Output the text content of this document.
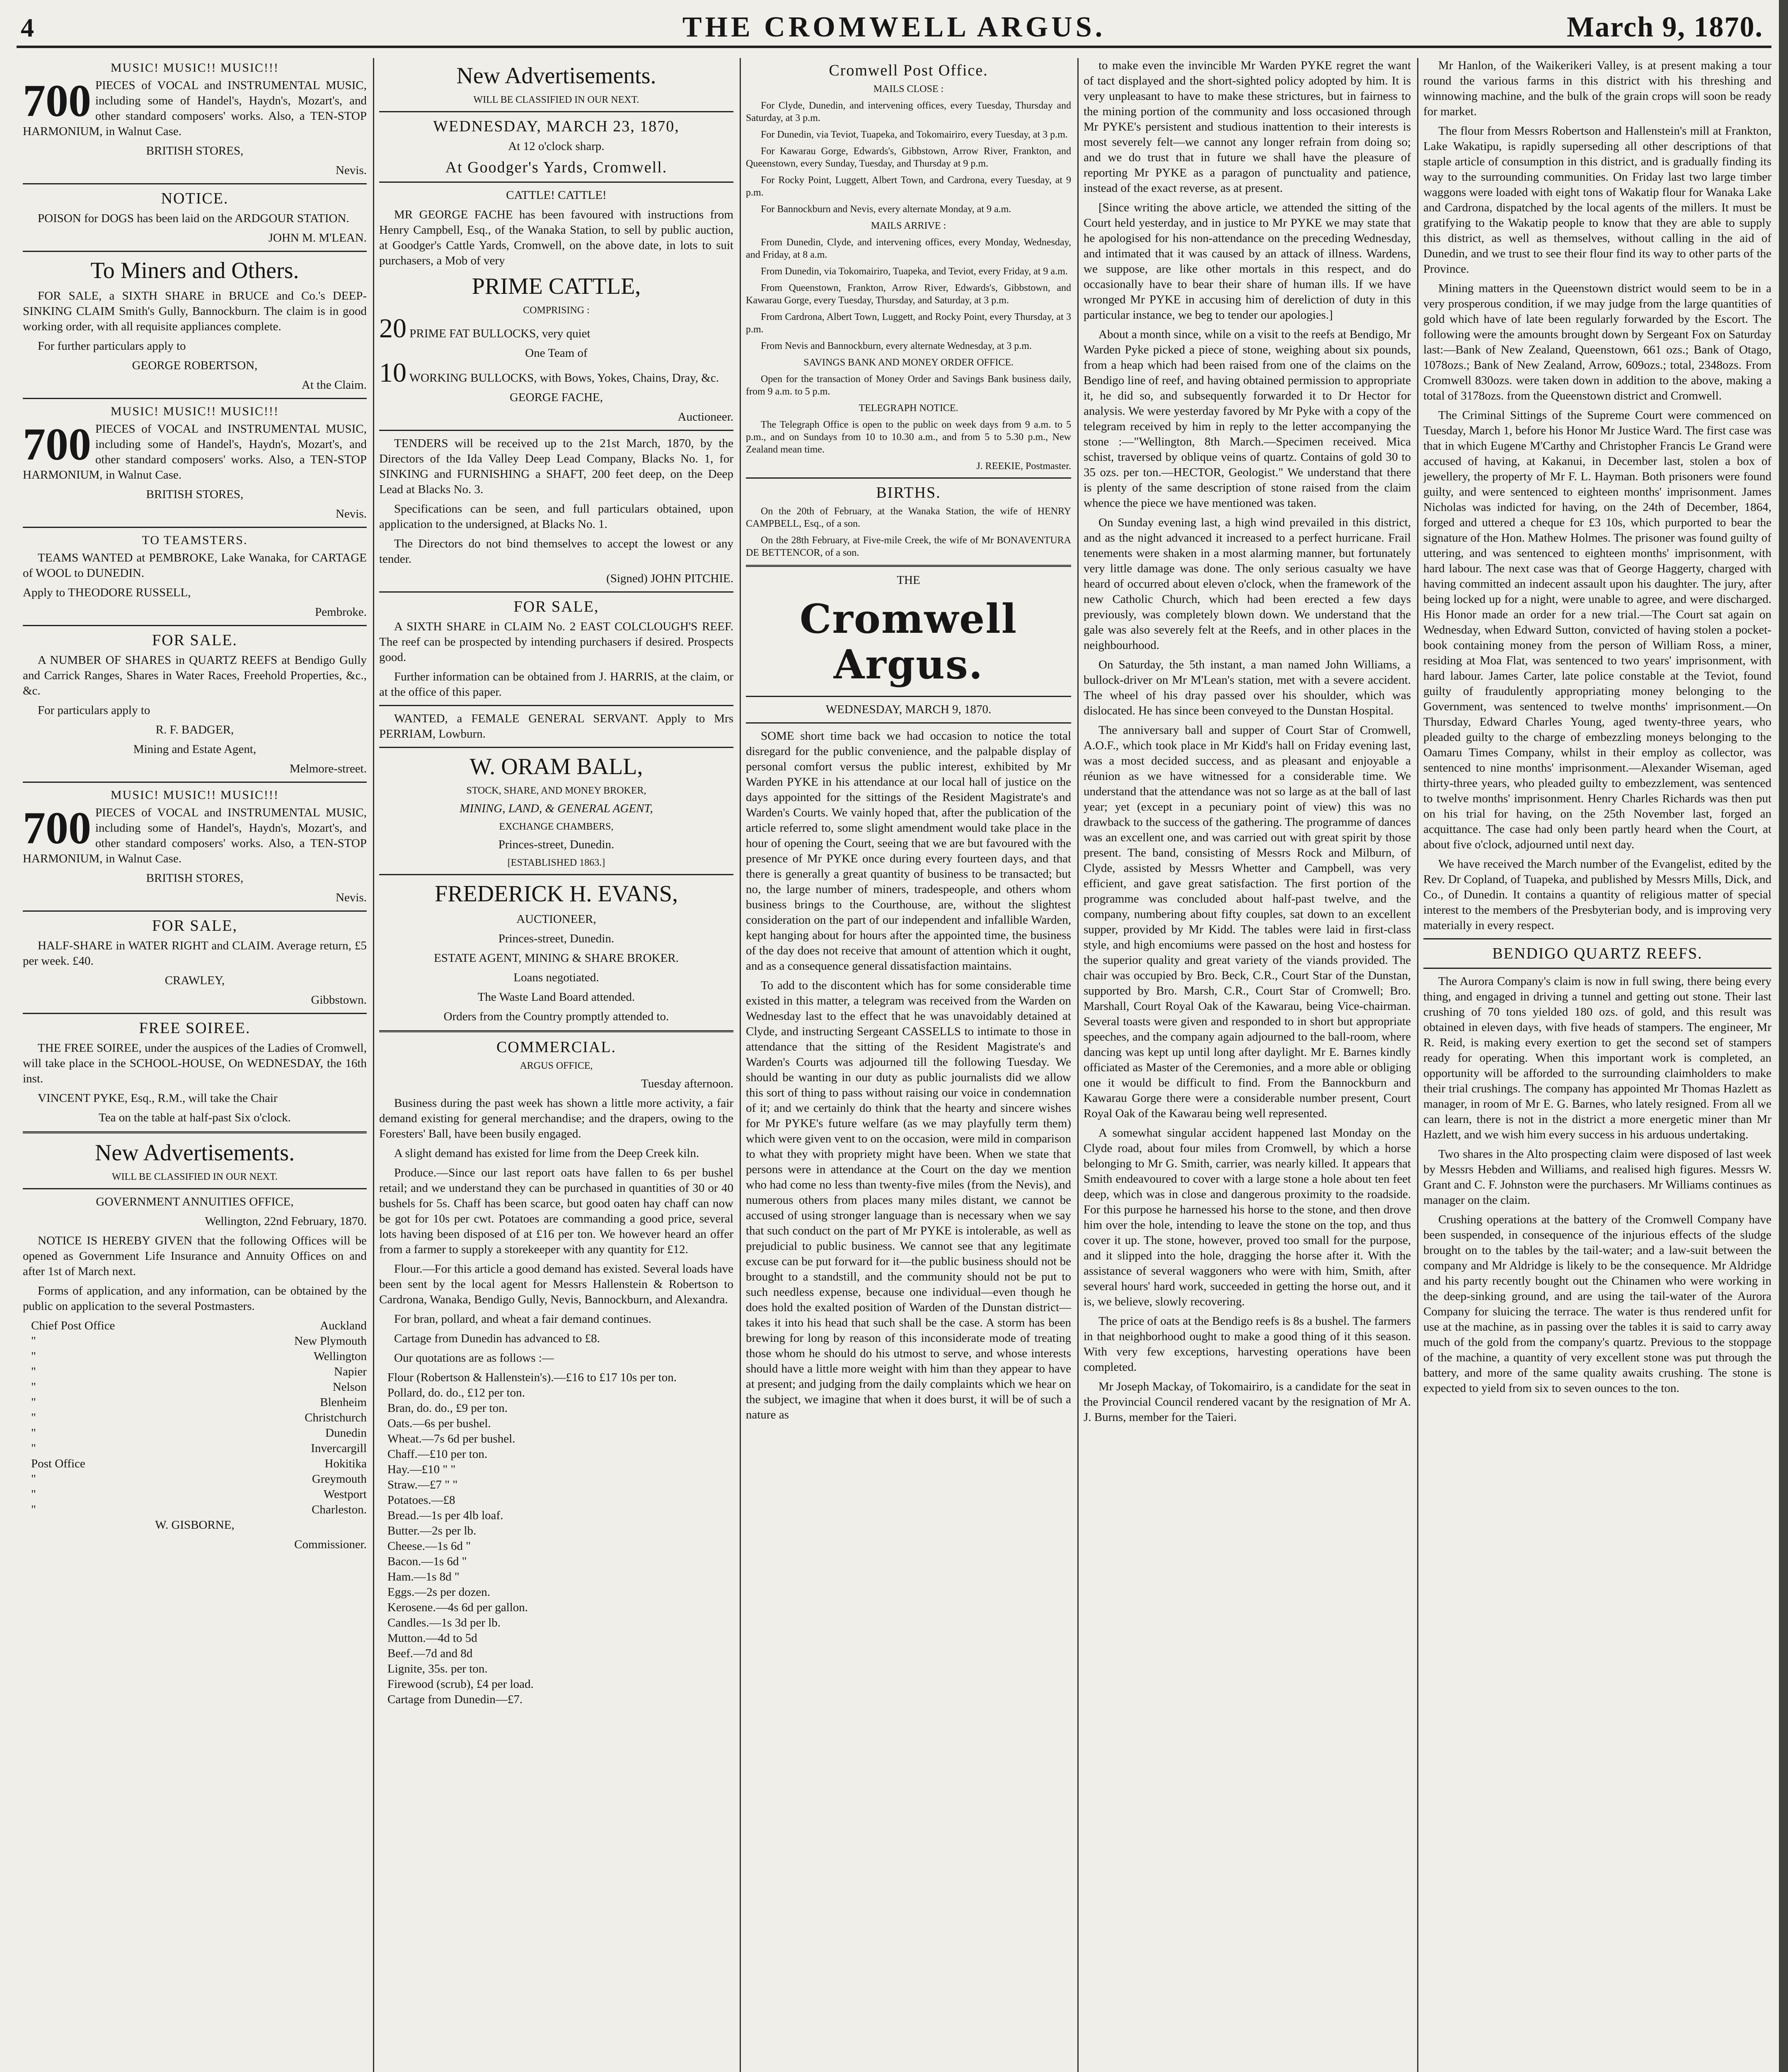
4	THE CROMWELL ARGUS.	March 9, 1870.
MUSIC! MUSIC!! MUSIC!!!

700 PIECES of VOCAL and INSTRUMENTAL MUSIC, including some of Handel's, Haydn's, Mozart's, and other standard composers' works. Also, a TEN-STOP HARMONIUM, in Walnut Case.

BRITISH STORES,

Nevis.

NOTICE.

POISON for DOGS has been laid on the ARDGOUR STATION.

JOHN M. M'LEAN.

To Miners and Others.

FOR SALE, a SIXTH SHARE in BRUCE and Co.'s DEEP-SINKING CLAIM Smith's Gully, Bannockburn. The claim is in good working order, with all requisite appliances complete.

For further particulars apply to

GEORGE ROBERTSON,

At the Claim.

MUSIC! MUSIC!! MUSIC!!!

700 PIECES of VOCAL and INSTRUMENTAL MUSIC, including some of Handel's, Haydn's, Mozart's, and other standard composers' works. Also, a TEN-STOP HARMONIUM, in Walnut Case.

BRITISH STORES,

Nevis.

TO TEAMSTERS.

TEAMS WANTED at PEMBROKE, Lake Wanaka, for CARTAGE of WOOL to DUNEDIN.

Apply to THEODORE RUSSELL,

Pembroke.

FOR SALE.

A NUMBER OF SHARES in QUARTZ REEFS at Bendigo Gully and Carrick Ranges, Shares in Water Races, Freehold Properties, &c., &c.

For particulars apply to

R. F. BADGER,

Mining and Estate Agent,

Melmore-street.

MUSIC! MUSIC!! MUSIC!!!

700 PIECES of VOCAL and INSTRUMENTAL MUSIC, including some of Handel's, Haydn's, Mozart's, and other standard composers' works. Also, a TEN-STOP HARMONIUM, in Walnut Case.

BRITISH STORES,

Nevis.

FOR SALE,

HALF-SHARE in WATER RIGHT and CLAIM. Average return, £5 per week. £40.

CRAWLEY,

Gibbstown.

FREE SOIREE.

THE FREE SOIREE, under the auspices of the Ladies of Cromwell, will take place in the SCHOOL-HOUSE, On WEDNESDAY, the 16th inst.

VINCENT PYKE, Esq., R.M., will take the Chair

Tea on the table at half-past Six o'clock.

New Advertisements.

WILL BE CLASSIFIED IN OUR NEXT.

GOVERNMENT ANNUITIES OFFICE,

Wellington, 22nd February, 1870.

NOTICE IS HEREBY GIVEN that the following Offices will be opened as Government Life Insurance and Annuity Offices on and after 1st of March next.

Forms of application, and any information, can be obtained by the public on application to the several Postmasters.

Chief Post Office	Auckland
"	New Plymouth
"	Wellington
"	Napier
"	Nelson
"	Blenheim
"	Christchurch
"	Dunedin
"	Invercargill
Post Office	Hokitika
"	Greymouth
"	Westport
"	Charleston.

W. GISBORNE,

Commissioner.

New Advertisements.

WILL BE CLASSIFIED IN OUR NEXT.

WEDNESDAY, MARCH 23, 1870,

At 12 o'clock sharp.

At Goodger's Yards, Cromwell.

CATTLE! CATTLE!

MR GEORGE FACHE has been favoured with instructions from Henry Campbell, Esq., of the Wanaka Station, to sell by public auction, at Goodger's Cattle Yards, Cromwell, on the above date, in lots to suit purchasers, a Mob of very

PRIME CATTLE,

COMPRISING :

20 PRIME FAT BULLOCKS, very quiet

One Team of

10 WORKING BULLOCKS, with Bows, Yokes, Chains, Dray, &c.

GEORGE FACHE,

Auctioneer.

TENDERS will be received up to the 21st March, 1870, by the Directors of the Ida Valley Deep Lead Company, Blacks No. 1, for SINKING and FURNISHING a SHAFT, 200 feet deep, on the Deep Lead at Blacks No. 3.

Specifications can be seen, and full particulars obtained, upon application to the undersigned, at Blacks No. 1.

The Directors do not bind themselves to accept the lowest or any tender.

(Signed) JOHN PITCHIE.

FOR SALE,

A SIXTH SHARE in CLAIM No. 2 EAST COLCLOUGH'S REEF. The reef can be prospected by intending purchasers if desired. Prospects good.

Further information can be obtained from J. HARRIS, at the claim, or at the office of this paper.

WANTED, a FEMALE GENERAL SERVANT. Apply to Mrs PERRIAM, Lowburn.

W. ORAM BALL,

STOCK, SHARE, AND MONEY BROKER,

MINING, LAND, & GENERAL AGENT,

EXCHANGE CHAMBERS,

Princes-street, Dunedin.

[ESTABLISHED 1863.]

FREDERICK H. EVANS,

AUCTIONEER,

Princes-street, Dunedin.

ESTATE AGENT, MINING & SHARE BROKER.

Loans negotiated.

The Waste Land Board attended.

Orders from the Country promptly attended to.

COMMERCIAL.

ARGUS OFFICE,

Tuesday afternoon.

Business during the past week has shown a little more activity, a fair demand existing for general merchandise; and the drapers, owing to the Foresters' Ball, have been busily engaged.

A slight demand has existed for lime from the Deep Creek kiln.

Produce.—Since our last report oats have fallen to 6s per bushel retail; and we understand they can be purchased in quantities of 30 or 40 bushels for 5s. Chaff has been scarce, but good oaten hay chaff can now be got for 10s per cwt. Potatoes are commanding a good price, several lots having been disposed of at £16 per ton. We however heard an offer from a farmer to supply a storekeeper with any quantity for £12.

Flour.—For this article a good demand has existed. Several loads have been sent by the local agent for Messrs Hallenstein & Robertson to Cardrona, Wanaka, Bendigo Gully, Nevis, Bannockburn, and Alexandra.

For bran, pollard, and wheat a fair demand continues.

Cartage from Dunedin has advanced to £8.

Our quotations are as follows :—

Flour (Robertson & Hallenstein's).—£16 to £17 10s per ton.
Pollard, do. do., £12 per ton.
Bran, do. do., £9 per ton.
Oats.—6s per bushel.
Wheat.—7s 6d per bushel.
Chaff.—£10 per ton.
Hay.—£10 " "
Straw.—£7 " "
Potatoes.—£8
Bread.—1s per 4lb loaf.
Butter.—2s per lb.
Cheese.—1s 6d "
Bacon.—1s 6d "
Ham.—1s 8d "
Eggs.—2s per dozen.
Kerosene.—4s 6d per gallon.
Candles.—1s 3d per lb.
Mutton.—4d to 5d
Beef.—7d and 8d
Lignite, 35s. per ton.
Firewood (scrub), £4 per load.
Cartage from Dunedin—£7.
Cromwell Post Office.

MAILS CLOSE :

For Clyde, Dunedin, and intervening offices, every Tuesday, Thursday and Saturday, at 3 p.m.

For Dunedin, via Teviot, Tuapeka, and Tokomairiro, every Tuesday, at 3 p.m.

For Kawarau Gorge, Edwards's, Gibbstown, Arrow River, Frankton, and Queenstown, every Sunday, Tuesday, and Thursday at 9 p.m.

For Rocky Point, Luggett, Albert Town, and Cardrona, every Tuesday, at 9 p.m.

For Bannockburn and Nevis, every alternate Monday, at 9 a.m.

MAILS ARRIVE :

From Dunedin, Clyde, and intervening offices, every Monday, Wednesday, and Friday, at 8 a.m.

From Dunedin, via Tokomairiro, Tuapeka, and Teviot, every Friday, at 9 a.m.

From Queenstown, Frankton, Arrow River, Edwards's, Gibbstown, and Kawarau Gorge, every Tuesday, Thursday, and Saturday, at 3 p.m.

From Cardrona, Albert Town, Luggett, and Rocky Point, every Thursday, at 3 p.m.

From Nevis and Bannockburn, every alternate Wednesday, at 3 p.m.

SAVINGS BANK AND MONEY ORDER OFFICE.

Open for the transaction of Money Order and Savings Bank business daily, from 9 a.m. to 5 p.m.

TELEGRAPH NOTICE.

The Telegraph Office is open to the public on week days from 9 a.m. to 5 p.m., and on Sundays from 10 to 10.30 a.m., and from 5 to 5.30 p.m., New Zealand mean time.

J. REEKIE, Postmaster.

BIRTHS.

On the 20th of February, at the Wanaka Station, the wife of HENRY CAMPBELL, Esq., of a son.

On the 28th February, at Five-mile Creek, the wife of Mr BONAVENTURA DE BETTENCOR, of a son.

THE

Cromwell Argus.

WEDNESDAY, MARCH 9, 1870.

SOME short time back we had occasion to notice the total disregard for the public convenience, and the palpable display of personal comfort versus the public interest, exhibited by Mr Warden PYKE in his attendance at our local hall of justice on the days appointed for the sittings of the Resident Magistrate's and Warden's Courts. We vainly hoped that, after the publication of the article referred to, some slight amendment would take place in the hour of opening the Court, seeing that we are but favoured with the presence of Mr PYKE once during every fourteen days, and that there is generally a great quantity of business to be transacted; but no, the large number of miners, tradespeople, and others whom business brings to the Courthouse, are, without the slightest consideration on the part of our independent and infallible Warden, kept hanging about for hours after the appointed time, the business of the day does not receive that amount of attention which it ought, and as a consequence general dissatisfaction maintains.

To add to the discontent which has for some considerable time existed in this matter, a telegram was received from the Warden on Wednesday last to the effect that he was unavoidably detained at Clyde, and instructing Sergeant CASSELLS to intimate to those in attendance that the sitting of the Resident Magistrate's and Warden's Courts was adjourned till the following Tuesday. We should be wanting in our duty as public journalists did we allow this sort of thing to pass without raising our voice in condemnation of it; and we certainly do think that the hearty and sincere wishes for Mr PYKE's future welfare (as we may playfully term them) which were given vent to on the occasion, were mild in comparison to what they with propriety might have been. When we state that persons were in attendance at the Court on the day we mention who had come no less than twenty-five miles (from the Nevis), and numerous others from places many miles distant, we cannot be accused of using stronger language than is necessary when we say that such conduct on the part of Mr PYKE is intolerable, as well as prejudicial to public business. We cannot see that any legitimate excuse can be put forward for it—the public business should not be brought to a standstill, and the community should not be put to such needless expense, because one individual—even though he does hold the exalted position of Warden of the Dunstan district—takes it into his head that such shall be the case. A storm has been brewing for long by reason of this inconsiderate mode of treating those whom he should do his utmost to serve, and whose interests should have a little more weight with him than they appear to have at present; and judging from the daily complaints which we hear on the subject, we imagine that when it does burst, it will be of such a nature as

to make even the invincible Mr Warden PYKE regret the want of tact displayed and the short-sighted policy adopted by him. It is very unpleasant to have to make these strictures, but in fairness to the mining portion of the community and loss occasioned through Mr PYKE's persistent and studious inattention to their interests is most severely felt—we cannot any longer refrain from doing so; and we do trust that in future we shall have the pleasure of reporting Mr PYKE as a paragon of punctuality and patience, instead of the exact reverse, as at present.

[Since writing the above article, we attended the sitting of the Court held yesterday, and in justice to Mr PYKE we may state that he apologised for his non-attendance on the preceding Wednesday, and intimated that it was caused by an attack of illness. Wardens, we suppose, are like other mortals in this respect, and do occasionally have to bear their share of human ills. If we have wronged Mr PYKE in accusing him of dereliction of duty in this particular instance, we beg to tender our apologies.]

About a month since, while on a visit to the reefs at Bendigo, Mr Warden Pyke picked a piece of stone, weighing about six pounds, from a heap which had been raised from one of the claims on the Bendigo line of reef, and having obtained permission to appropriate it, he did so, and subsequently forwarded it to Dr Hector for analysis. We were yesterday favored by Mr Pyke with a copy of the telegram received by him in reply to the letter accompanying the stone :—"Wellington, 8th March.—Specimen received. Mica schist, traversed by oblique veins of quartz. Contains of gold 30 to 35 ozs. per ton.—HECTOR, Geologist." We understand that there is plenty of the same description of stone raised from the claim whence the piece we have mentioned was taken.

On Sunday evening last, a high wind prevailed in this district, and as the night advanced it increased to a perfect hurricane. Frail tenements were shaken in a most alarming manner, but fortunately very little damage was done. The only serious casualty we have heard of occurred about eleven o'clock, when the framework of the new Catholic Church, which had been erected a few days previously, was completely blown down. We understand that the gale was also severely felt at the Reefs, and in other places in the neighbourhood.

On Saturday, the 5th instant, a man named John Williams, a bullock-driver on Mr M'Lean's station, met with a severe accident. The wheel of his dray passed over his shoulder, which was dislocated. He has since been conveyed to the Dunstan Hospital.

The anniversary ball and supper of Court Star of Cromwell, A.O.F., which took place in Mr Kidd's hall on Friday evening last, was a most decided success, and as pleasant and enjoyable a réunion as we have witnessed for a considerable time. We understand that the attendance was not so large as at the ball of last year; yet (except in a pecuniary point of view) this was no drawback to the success of the gathering. The programme of dances was an excellent one, and was carried out with great spirit by those present. The band, consisting of Messrs Rock and Milburn, of Clyde, assisted by Messrs Whetter and Campbell, was very efficient, and gave great satisfaction. The first portion of the programme was concluded about half-past twelve, and the company, numbering about fifty couples, sat down to an excellent supper, provided by Mr Kidd. The tables were laid in first-class style, and high encomiums were passed on the host and hostess for the superior quality and great variety of the viands provided. The chair was occupied by Bro. Beck, C.R., Court Star of the Dunstan, supported by Bro. Marsh, C.R., Court Star of Cromwell; Bro. Marshall, Court Royal Oak of the Kawarau, being Vice-chairman. Several toasts were given and responded to in short but appropriate speeches, and the company again adjourned to the ball-room, where dancing was kept up until long after daylight. Mr E. Barnes kindly officiated as Master of the Ceremonies, and a more able or obliging one it would be difficult to find. From the Bannockburn and Kawarau Gorge there were a considerable number present, Court Royal Oak of the Kawarau being well represented.

A somewhat singular accident happened last Monday on the Clyde road, about four miles from Cromwell, by which a horse belonging to Mr G. Smith, carrier, was nearly killed. It appears that Smith endeavoured to cover with a large stone a hole about ten feet deep, which was in close and dangerous proximity to the roadside. For this purpose he harnessed his horse to the stone, and then drove him over the hole, intending to leave the stone on the top, and thus cover it up. The stone, however, proved too small for the purpose, and it slipped into the hole, dragging the horse after it. With the assistance of several waggoners who were with him, Smith, after several hours' hard work, succeeded in getting the horse out, and it is, we believe, slowly recovering.

The price of oats at the Bendigo reefs is 8s a bushel. The farmers in that neighborhood ought to make a good thing of it this season. With very few exceptions, harvesting operations have been completed.

Mr Joseph Mackay, of Tokomairiro, is a candidate for the seat in the Provincial Council rendered vacant by the resignation of Mr A. J. Burns, member for the Taieri.

Mr Hanlon, of the Waikerikeri Valley, is at present making a tour round the various farms in this district with his threshing and winnowing machine, and the bulk of the grain crops will soon be ready for market.

The flour from Messrs Robertson and Hallenstein's mill at Frankton, Lake Wakatipu, is rapidly superseding all other descriptions of that staple article of consumption in this district, and is gradually finding its way to the surrounding communities. On Friday last two large timber waggons were loaded with eight tons of Wakatip flour for Wanaka Lake and Cardrona, dispatched by the local agents of the millers. It must be gratifying to the Wakatip people to know that they are able to supply this district, as well as themselves, without calling in the aid of Dunedin, and we trust to see their flour find its way to other parts of the Province.

Mining matters in the Queenstown district would seem to be in a very prosperous condition, if we may judge from the large quantities of gold which have of late been regularly forwarded by the Escort. The following were the amounts brought down by Sergeant Fox on Saturday last:—Bank of New Zealand, Queenstown, 661 ozs.; Bank of Otago, 1078ozs.; Bank of New Zealand, Arrow, 609ozs.; total, 2348ozs. From Cromwell 830ozs. were taken down in addition to the above, making a total of 3178ozs. from the Queenstown district and Cromwell.

The Criminal Sittings of the Supreme Court were commenced on Tuesday, March 1, before his Honor Mr Justice Ward. The first case was that in which Eugene M'Carthy and Christopher Francis Le Grand were accused of having, at Kakanui, in December last, stolen a box of jewellery, the property of Mr F. L. Hayman. Both prisoners were found guilty, and were sentenced to eighteen months' imprisonment. James Nicholas was indicted for having, on the 24th of December, 1864, forged and uttered a cheque for £3 10s, which purported to bear the signature of the Hon. Mathew Holmes. The prisoner was found guilty of uttering, and was sentenced to eighteen months' imprisonment, with hard labour. The next case was that of George Haggerty, charged with having committed an indecent assault upon his daughter. The jury, after being locked up for a night, were unable to agree, and were discharged. His Honor made an order for a new trial.—The Court sat again on Wednesday, when Edward Sutton, convicted of having stolen a pocket-book containing money from the person of William Ross, a miner, residing at Moa Flat, was sentenced to two years' imprisonment, with hard labour. James Carter, late police constable at the Teviot, found guilty of fraudulently appropriating money belonging to the Government, was sentenced to twelve months' imprisonment.—On Thursday, Edward Charles Young, aged twenty-three years, who pleaded guilty to the charge of embezzling moneys belonging to the Oamaru Times Company, whilst in their employ as collector, was sentenced to nine months' imprisonment.—Alexander Wiseman, aged thirty-three years, who pleaded guilty to embezzlement, was sentenced to twelve months' imprisonment. Henry Charles Richards was then put on his trial for having, on the 25th November last, forged an acquittance. The case had only been partly heard when the Court, at about five o'clock, adjourned until next day.

We have received the March number of the Evangelist, edited by the Rev. Dr Copland, of Tuapeka, and published by Messrs Mills, Dick, and Co., of Dunedin. It contains a quantity of religious matter of special interest to the members of the Presbyterian body, and is improving very materially in every respect.

BENDIGO QUARTZ REEFS.

The Aurora Company's claim is now in full swing, there being every thing, and engaged in driving a tunnel and getting out stone. Their last crushing of 70 tons yielded 180 ozs. of gold, and this result was obtained in eleven days, with five heads of stampers. The engineer, Mr R. Reid, is making every exertion to get the second set of stampers ready for operating. When this important work is completed, an opportunity will be afforded to the surrounding claimholders to make their trial crushings. The company has appointed Mr Thomas Hazlett as manager, in room of Mr E. G. Barnes, who lately resigned. From all we can learn, there is not in the district a more energetic miner than Mr Hazlett, and we wish him every success in his arduous undertaking.

Two shares in the Alto prospecting claim were disposed of last week by Messrs Hebden and Williams, and realised high figures. Messrs W. Grant and C. F. Johnston were the purchasers. Mr Williams continues as manager on the claim.

Crushing operations at the battery of the Cromwell Company have been suspended, in consequence of the injurious effects of the sludge brought on to the tables by the tail-water; and a law-suit between the company and Mr Aldridge is likely to be the consequence. Mr Aldridge and his party recently bought out the Chinamen who were working in the deep-sinking ground, and are using the tail-water of the Aurora Company for sluicing the terrace. The water is thus rendered unfit for use at the machine, as in passing over the tables it is said to carry away much of the gold from the company's quartz. Previous to the stoppage of the machine, a quantity of very excellent stone was put through the battery, and more of the same quality awaits crushing. The stone is expected to yield from six to seven ounces to the ton.
